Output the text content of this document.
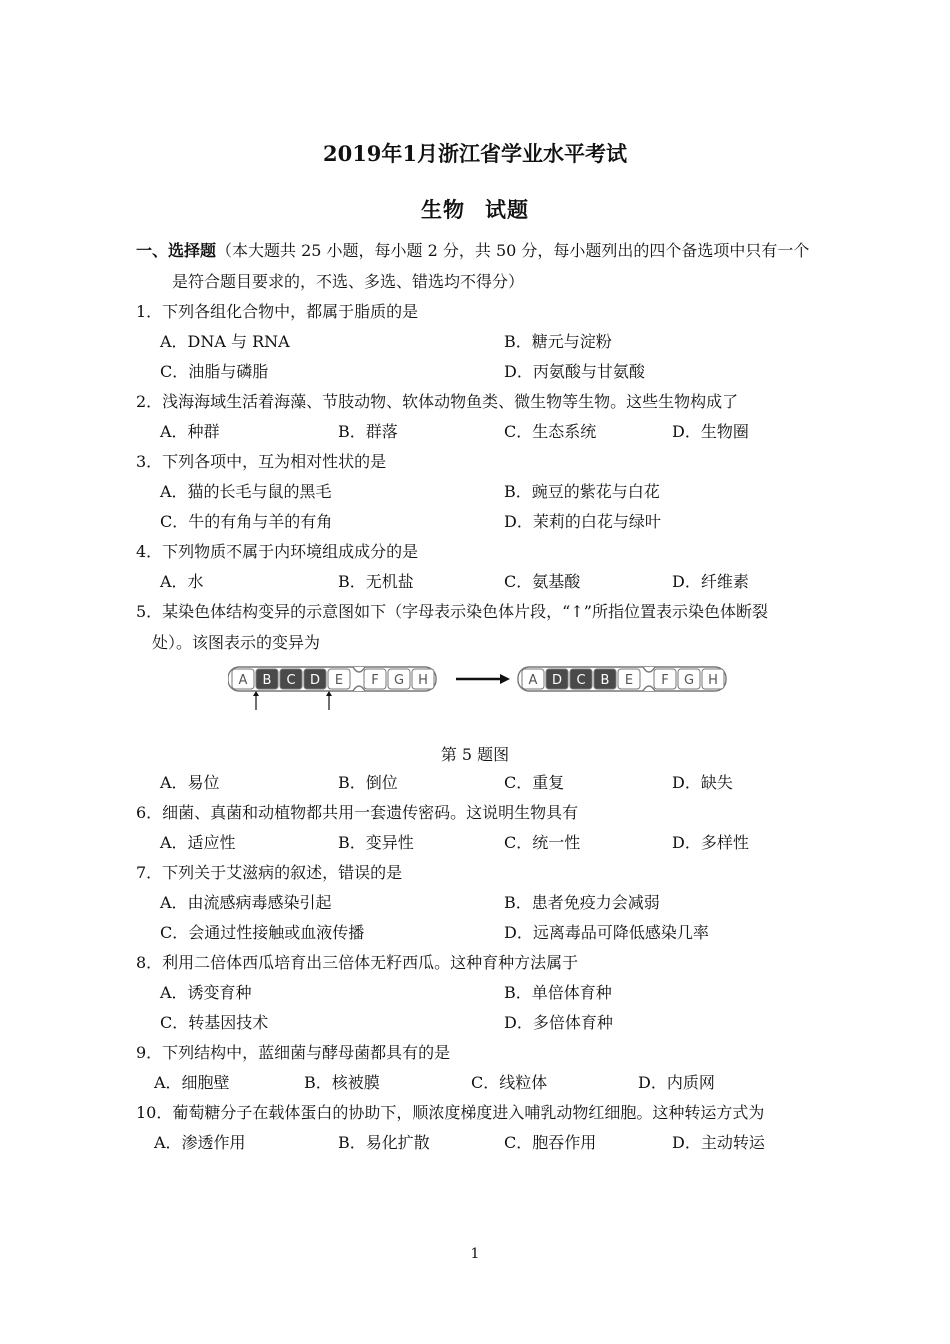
2019年1月浙江省学业水平考试
生物 试题
一、选择题（本大题共 25 小题，每小题 2 分，共 50 分，每小题列出的四个备选项中只有一个
是符合题目要求的，不选、多选、错选均不得分）
1．下列各组化合物中，都属于脂质的是
A．DNA 与 RNA	B．糖元与淀粉
C．油脂与磷脂	D．丙氨酸与甘氨酸
2．浅海海域生活着海藻、节肢动物、软体动物鱼类、微生物等生物。这些生物构成了
A．种群	B．群落	C．生态系统	D．生物圈
3．下列各项中，互为相对性状的是
A．猫的长毛与鼠的黑毛	B．豌豆的紫花与白花
C．牛的有角与羊的有角	D．茉莉的白花与绿叶
4．下列物质不属于内环境组成成分的是
A．水	B．无机盐	C．氨基酸	D．纤维素
5．某染色体结构变异的示意图如下（字母表示染色体片段，“↑”所指位置表示染色体断裂
处）。该图表示的变异为
A B C D E F G H	A D C B E F G H
第 5 题图
A．易位	B．倒位	C．重复	D．缺失
6．细菌、真菌和动植物都共用一套遗传密码。这说明生物具有
A．适应性	B．变异性	C．统一性	D．多样性
7．下列关于艾滋病的叙述，错误的是
A．由流感病毒感染引起	B．患者免疫力会减弱
C．会通过性接触或血液传播	D．远离毒品可降低感染几率
8．利用二倍体西瓜培育出三倍体无籽西瓜。这种育种方法属于
A．诱变育种	B．单倍体育种
C．转基因技术	D．多倍体育种
9．下列结构中，蓝细菌与酵母菌都具有的是
A．细胞壁	B．核被膜	C．线粒体	D．内质网
10．葡萄糖分子在载体蛋白的协助下，顺浓度梯度进入哺乳动物红细胞。这种转运方式为
A．渗透作用	B．易化扩散	C．胞吞作用	D．主动转运
1
